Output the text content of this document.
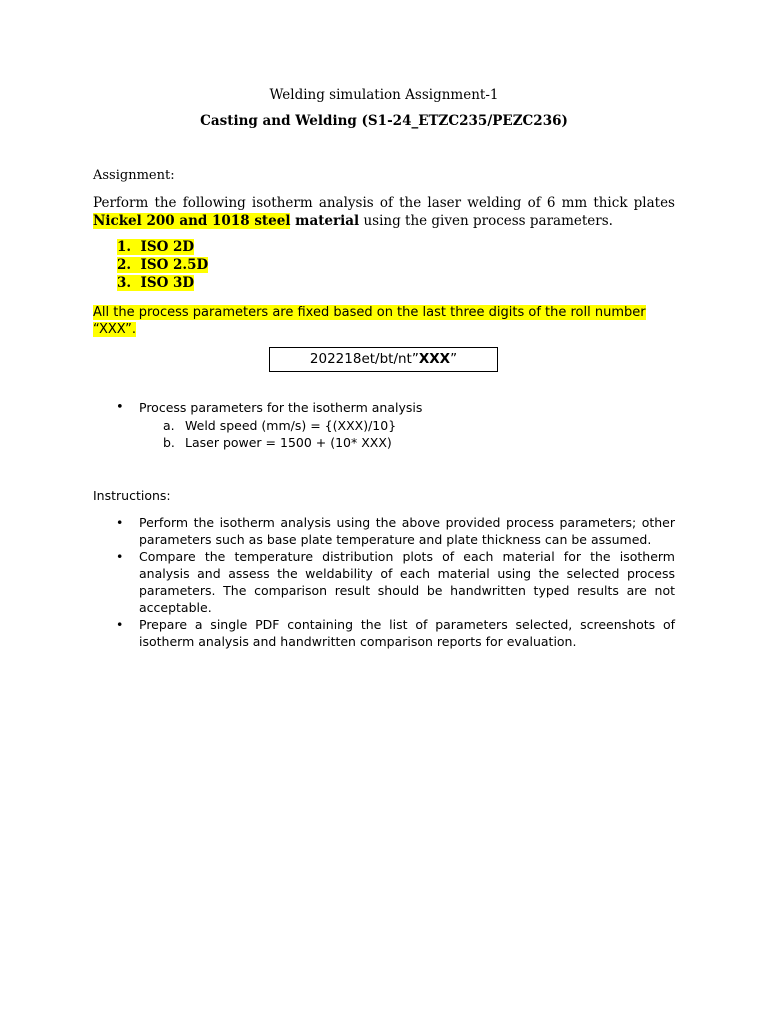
Welding simulation Assignment-1
Casting and Welding (S1-24_ETZC235/PEZC236)
Assignment:
Perform the following isotherm analysis of the laser welding of 6 mm thick plates Nickel 200 and 1018 steel material using the given process parameters.
1. ISO 2D
2. ISO 2.5D
3. ISO 3D
All the process parameters are fixed based on the last three digits of the roll number “XXX”.
202218et/bt/nt”XXX”
• Process parameters for the isotherm analysis
a. Weld speed (mm/s) = {(XXX)/10}
b. Laser power = 1500 + (10* XXX)
Instructions:
• Perform the isotherm analysis using the above provided process parameters; other parameters such as base plate temperature and plate thickness can be assumed.
• Compare the temperature distribution plots of each material for the isotherm analysis and assess the weldability of each material using the selected process parameters. The comparison result should be handwritten typed results are not acceptable.
• Prepare a single PDF containing the list of parameters selected, screenshots of isotherm analysis and handwritten comparison reports for evaluation.
